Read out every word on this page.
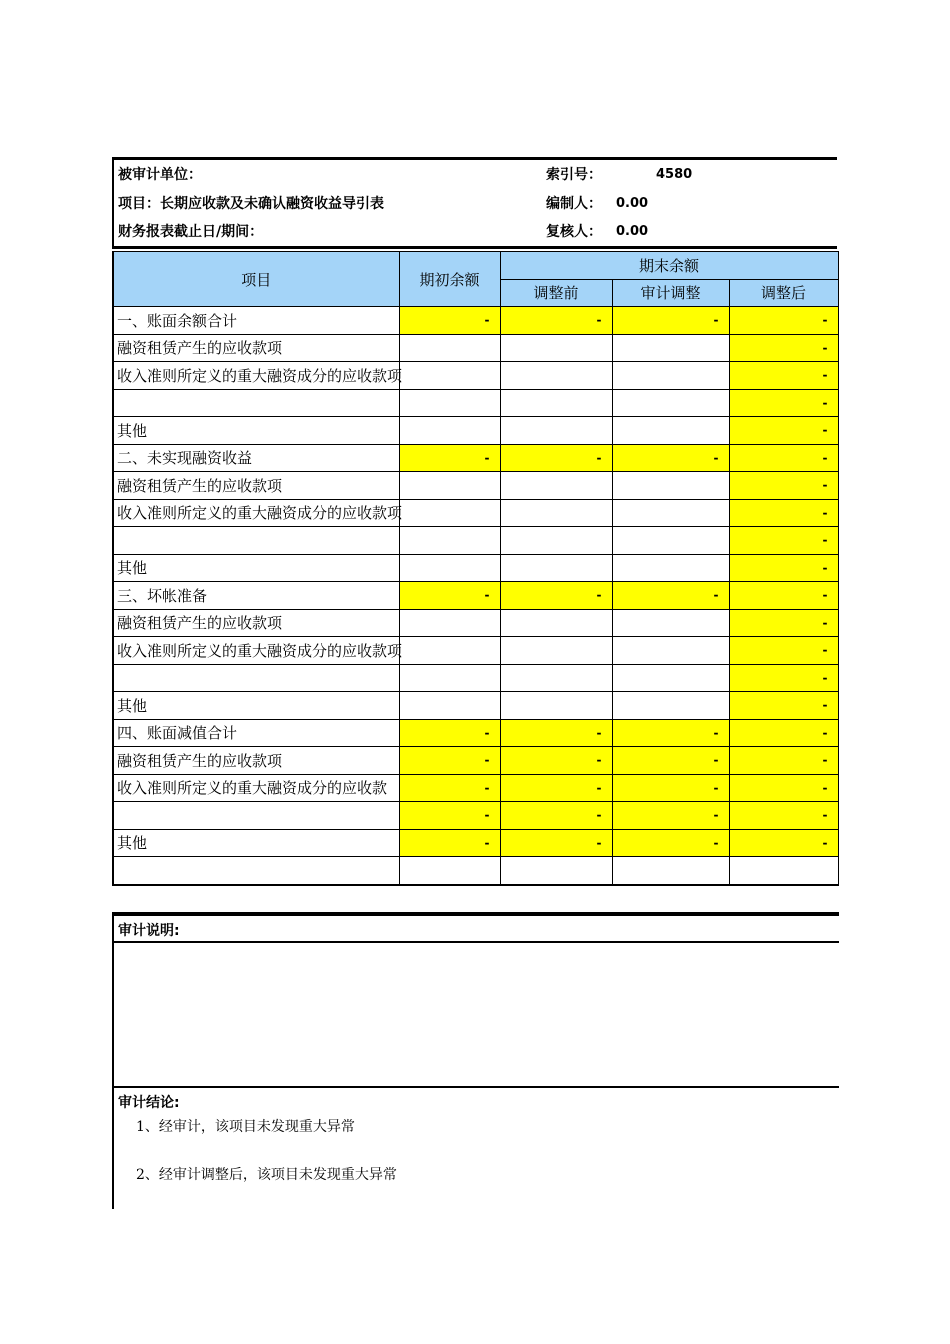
被审计单位：	索引号：	4580
项目：长期应收款及未确认融资收益导引表	编制人： 0.00
财务报表截止日/期间：	复核人： 0.00
项目	期初余额	期末余额		
		调整前	审计调整	调整后
一、账面余额合计	-	-	-	-
融资租赁产生的应收款项				-
收入准则所定义的重大融资成分的应收款项				-
				-
其他				-
二、未实现融资收益	-	-	-	-
融资租赁产生的应收款项				-
收入准则所定义的重大融资成分的应收款项				-
				-
其他				-
三、坏帐准备	-	-	-	-
融资租赁产生的应收款项				-
收入准则所定义的重大融资成分的应收款项				-
				-
其他				-
四、账面减值合计	-	-	-	-
融资租赁产生的应收款项	-	-	-	-
收入准则所定义的重大融资成分的应收款	-	-	-	-
	-	-	-	-
其他	-	-	-	-

审计说明:
审计结论:
1、经审计，该项目未发现重大异常
2、经审计调整后，该项目未发现重大异常
